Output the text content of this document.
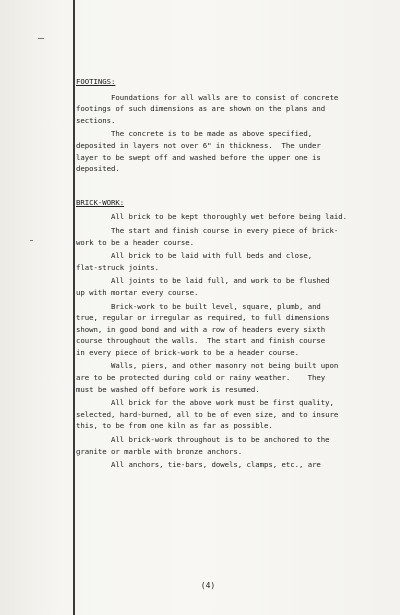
FOOTINGS:

Foundations for all walls are to consist of concrete
footings of such dimensions as are shown on the plans and
sections.

The concrete is to be made as above specified,
deposited in layers not over 6" in thickness.  The under
layer to be swept off and washed before the upper one is
deposited.

BRICK-WORK:

All brick to be kept thoroughly wet before being laid.

The start and finish course in every piece of brick-
work to be a header course.

All brick to be laid with full beds and close,
flat-struck joints.

All joints to be laid full, and work to be flushed
up with mortar every course.

Brick-work to be built level, square, plumb, and
true, regular or irregular as required, to full dimensions
shown, in good bond and with a row of headers every sixth
course throughout the walls.  The start and finish course
in every piece of brick-work to be a header course.

Walls, piers, and other masonry not being built upon
are to be protected during cold or rainy weather.    They
must be washed off before work is resumed.

All brick for the above work must be first quality,
selected, hard-burned, all to be of even size, and to insure
this, to be from one kiln as far as possible.

All brick-work throughout is to be anchored to the
granite or marble with bronze anchors.

All anchors, tie-bars, dowels, clamps, etc., are

(4)
